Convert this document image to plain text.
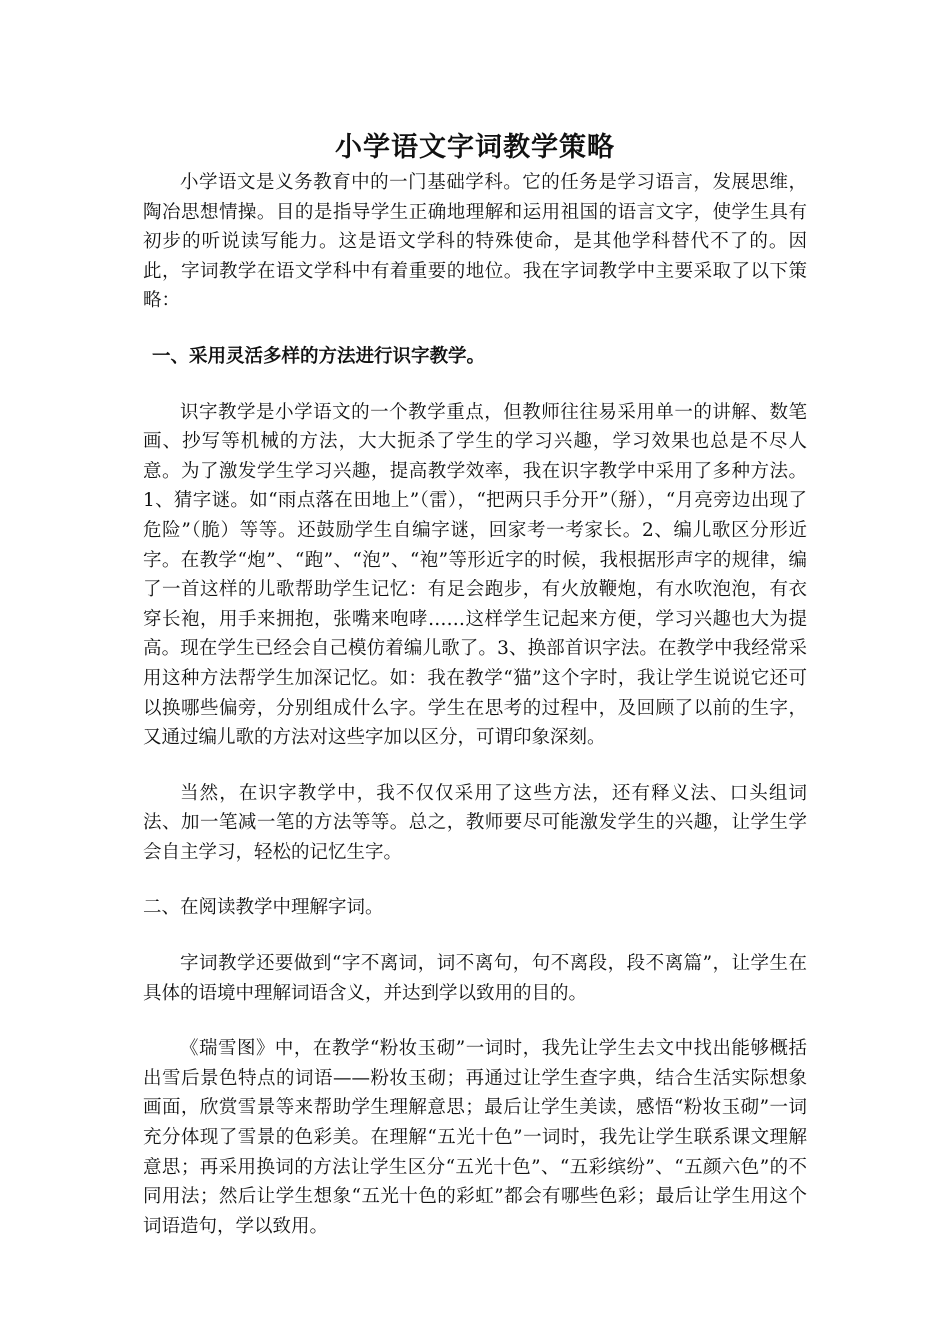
小学语文字词教学策略

小学语文是义务教育中的一门基础学科。它的任务是学习语言，发展思维，陶冶思想情操。目的是指导学生正确地理解和运用祖国的语言文字，使学生具有初步的听说读写能力。这是语文学科的特殊使命，是其他学科替代不了的。因此，字词教学在语文学科中有着重要的地位。我在字词教学中主要采取了以下策略：

一、采用灵活多样的方法进行识字教学。

识字教学是小学语文的一个教学重点，但教师往往易采用单一的讲解、数笔画、抄写等机械的方法，大大扼杀了学生的学习兴趣，学习效果也总是不尽人意。为了激发学生学习兴趣，提高教学效率，我在识字教学中采用了多种方法。1、猜字谜。如“雨点落在田地上”（雷），“把两只手分开”（掰），“月亮旁边出现了危险”（脆）等等。还鼓励学生自编字谜，回家考一考家长。2、编儿歌区分形近字。在教学“炮”、“跑”、“泡”、“袍”等形近字的时候，我根据形声字的规律，编了一首这样的儿歌帮助学生记忆：有足会跑步，有火放鞭炮，有水吹泡泡，有衣穿长袍，用手来拥抱，张嘴来咆哮……这样学生记起来方便，学习兴趣也大为提高。现在学生已经会自己模仿着编儿歌了。3、换部首识字法。在教学中我经常采用这种方法帮学生加深记忆。如：我在教学“猫”这个字时，我让学生说说它还可以换哪些偏旁，分别组成什么字。学生在思考的过程中，及回顾了以前的生字，又通过编儿歌的方法对这些字加以区分，可谓印象深刻。

当然，在识字教学中，我不仅仅采用了这些方法，还有释义法、口头组词法、加一笔减一笔的方法等等。总之，教师要尽可能激发学生的兴趣，让学生学会自主学习，轻松的记忆生字。

二、在阅读教学中理解字词。

字词教学还要做到“字不离词，词不离句，句不离段，段不离篇”，让学生在具体的语境中理解词语含义，并达到学以致用的目的。

《瑞雪图》中，在教学“粉妆玉砌”一词时，我先让学生去文中找出能够概括出雪后景色特点的词语——粉妆玉砌；再通过让学生查字典，结合生活实际想象画面，欣赏雪景等来帮助学生理解意思；最后让学生美读，感悟“粉妆玉砌”一词充分体现了雪景的色彩美。在理解“五光十色”一词时，我先让学生联系课文理解意思；再采用换词的方法让学生区分“五光十色”、“五彩缤纷”、“五颜六色”的不同用法；然后让学生想象“五光十色的彩虹”都会有哪些色彩；最后让学生用这个词语造句，学以致用。
